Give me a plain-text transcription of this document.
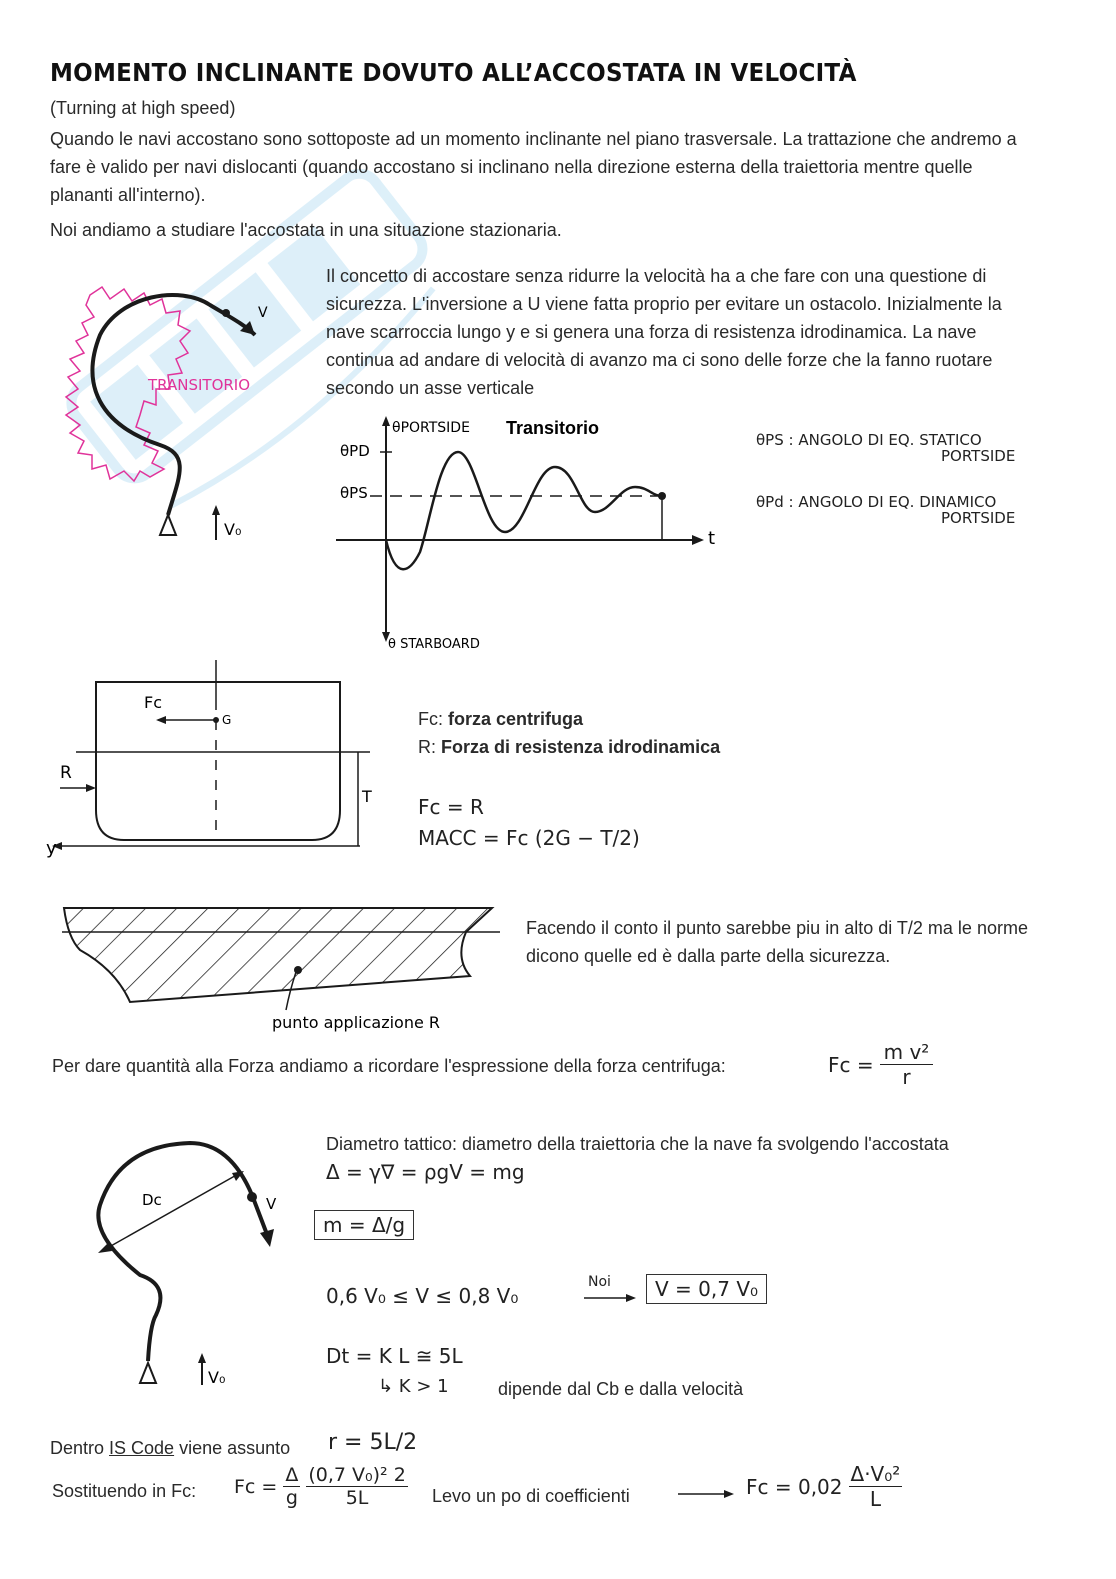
MOMENTO INCLINANTE DOVUTO ALL’ACCOSTATA IN VELOCITÀ
(Turning at high speed)
Quando le navi accostano sono sottoposte ad un momento inclinante nel piano trasversale. La trattazione che andremo a fare è valido per navi dislocanti (quando accostano si inclinano nella direzione esterna della traiettoria mentre quelle plananti all'interno).
Noi andiamo a studiare l'accostata in una situazione stazionaria.
V
V₀
TRANSITORIO
Il concetto di accostare senza ridurre la velocità ha a che fare con una questione di sicurezza. L'inversione a U viene fatta proprio per evitare un ostacolo. Inizialmente la nave scarroccia lungo y e si genera una forza di resistenza idrodinamica. La nave continua ad andare di velocità di avanzo ma ci sono delle forze che la fanno ruotare secondo un asse verticale
θPORTSIDE
θ STARBOARD
θPD
θPS
t
Transitorio
θPS : ANGOLO DI EQ. STATICO
PORTSIDE
θPd : ANGOLO DI EQ. DINAMICO
PORTSIDE
Fc
G
R
T
y
Fc: forza centrifuga
R: Forza di resistenza idrodinamica
Fc = R
MACC = Fc (2G − T/2)
punto applicazione R
Facendo il conto il punto sarebbe piu in alto di T/2 ma le norme dicono quelle ed è dalla parte della sicurezza.
Per dare quantità alla Forza andiamo a ricordare l'espressione della forza centrifuga:	$Fc = \frac{\text{m v²}}{r}$
Dc	V
V₀
Diametro tattico: diametro della traiettoria che la nave fa svolgendo l'accostata
Δ = γ∇ = ρgV = mg
m = Δ/g
0,6 V₀ ≤ V ≤ 0,8 V₀
Noi	V = 0,7 V₀
Dt = K L ≅ 5L
↳ K > 1	dipende dal Cb e dalla velocità
Dentro IS Code viene assunto r = 5L/2
Sostituendo in Fc: $Fc = \frac{\Delta}{g} (0,7$ V₀)² 2
5L	Levo un po di coefficienti	Fc = 0,02
Δ·V₀²
L
